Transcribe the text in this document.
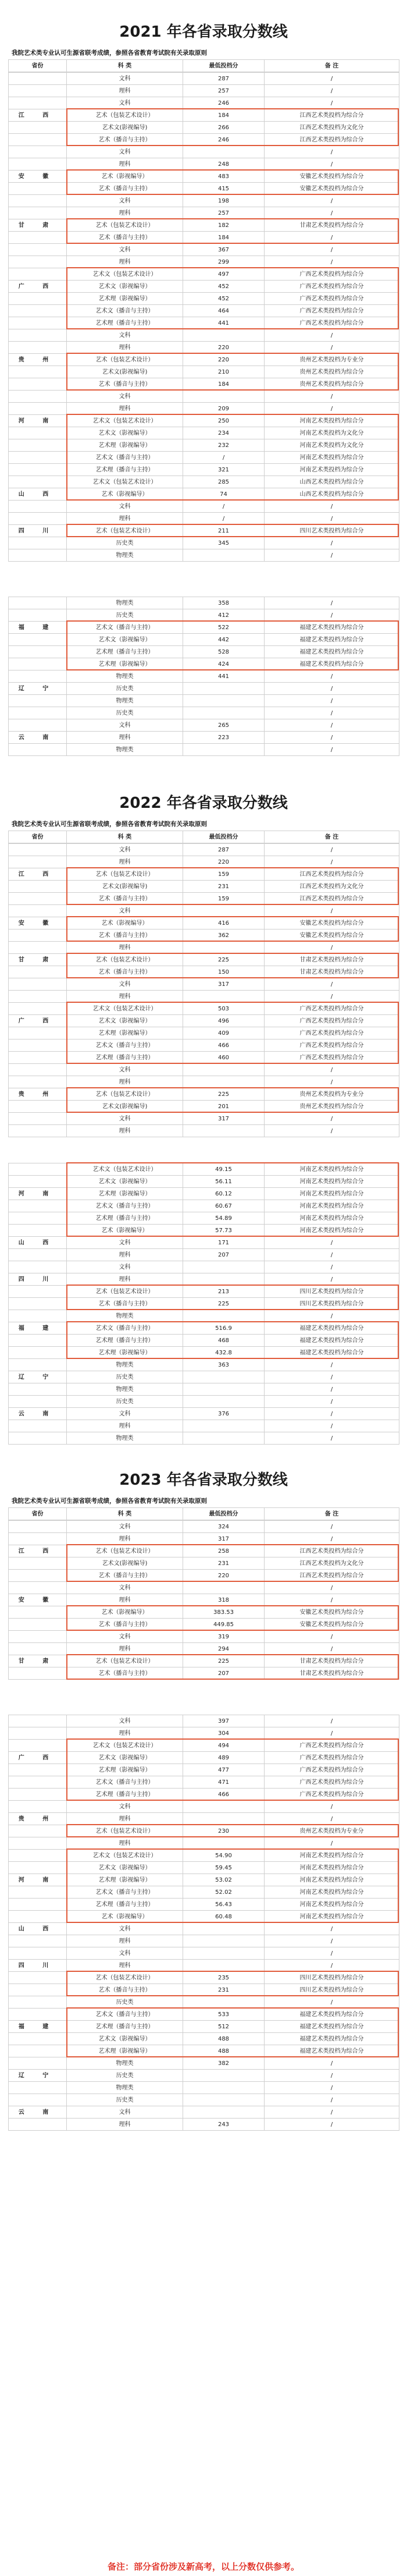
2021 年各省录取分数线
我院艺术类专业认可生源省联考成绩，参照各省教育考试院有关录取原则
省份	科 类	最低投档分	备 注
	文科	287	/
	理科	257	/
	文科	246	/
江 西	艺术（包装艺术设计）	184	江西艺术类投档为综合分
	艺术文(影视编导)	266	江西艺术类投档为文化分
	艺术（播音与主持）	246	江西艺术类投档为综合分
	文科		/
	理科	248	/
安 徽	艺术（影视编导）	483	安徽艺术类投档为综合分
	艺术（播音与主持）	415	安徽艺术类投档为综合分
	文科	198	/
	理科	257	/
甘 肃	艺术（包装艺术设计）	182	甘肃艺术类投档为综合分
	艺术（播音与主持）	184	/
	文科	367	/
	理科	299	/
	艺术文（包装艺术设计）	497	广西艺术类投档为综合分
广 西	艺术文（影视编导）	452	广西艺术类投档为综合分
	艺术理（影视编导）	452	广西艺术类投档为综合分
	艺术文（播音与主持）	464	广西艺术类投档为综合分
	艺术理（播音与主持）	441	广西艺术类投档为综合分
	文科		/
	理科	220	/
贵 州	艺术（包装艺术设计）	220	贵州艺术类投档为专业分
	艺术文(影视编导)	210	贵州艺术类投档为综合分
	艺术（播音与主持）	184	贵州艺术类投档为综合分
	文科		/
	理科	209	/
河 南	艺术文（包装艺术设计）	250	河南艺术类投档为综合分
	艺术文（影视编导）	234	河南艺术类投档为文化分
	艺术理（影视编导）	232	河南艺术类投档为文化分
	艺术文（播音与主持）	/	河南艺术类投档为综合分
	艺术理（播音与主持）	321	河南艺术类投档为综合分
	艺术文（包装艺术设计）	285	山西艺术类投档为综合分
山 西	艺术（影视编导）	74	山西艺术类投档为综合分
	文科	/	/
	理科	/	/
四 川	艺术（包装艺术设计）	211	四川艺术类投档为综合分
	历史类	345	/
	物理类		/
	物理类	358	/
	历史类	412	/
福 建	艺术文（播音与主持）	522	福建艺术类投档为综合分
	艺术文（影视编导）	442	福建艺术类投档为综合分
	艺术理（播音与主持）	528	福建艺术类投档为综合分
	艺术理（影视编导）	424	福建艺术类投档为综合分
	物理类	441	/
辽 宁	历史类		/
	物理类		/
	历史类		/
	文科	265	/
云 南	理科	223	/
	物理类		/
2022 年各省录取分数线
我院艺术类专业认可生源省联考成绩，参照各省教育考试院有关录取原则
省份	科 类	最低投档分	备 注
	文科	287	/
	理科	220	/
江 西	艺术（包装艺术设计）	159	江西艺术类投档为综合分
	艺术文(影视编导)	231	江西艺术类投档为文化分
	艺术（播音与主持）	159	江西艺术类投档为综合分
	文科		/
安 徽	艺术（影视编导）	416	安徽艺术类投档为综合分
	艺术（播音与主持）	362	安徽艺术类投档为综合分
	理科		/
甘 肃	艺术（包装艺术设计）	225	甘肃艺术类投档为综合分
	艺术（播音与主持）	150	甘肃艺术类投档为综合分
	文科	317	/
	理科		/
	艺术文（包装艺术设计）	503	广西艺术类投档为综合分
广 西	艺术文（影视编导）	496	广西艺术类投档为综合分
	艺术理（影视编导）	409	广西艺术类投档为综合分
	艺术文（播音与主持）	466	广西艺术类投档为综合分
	艺术理（播音与主持）	460	广西艺术类投档为综合分
	文科		/
	理科		/
贵 州	艺术（包装艺术设计）	225	贵州艺术类投档为专业分
	艺术文(影视编导)	201	贵州艺术类投档为综合分
	文科	317	/
	理科		/
	艺术文（包装艺术设计）	49.15	河南艺术类投档为综合分
	艺术文（影视编导）	56.11	河南艺术类投档为综合分
河 南	艺术理（影视编导）	60.12	河南艺术类投档为综合分
	艺术文（播音与主持）	60.67	河南艺术类投档为综合分
	艺术理（播音与主持）	54.89	河南艺术类投档为综合分
	艺术（影视编导）	57.73	河南艺术类投档为综合分
山 西	文科	171	/
	理科	207	/
	文科		/
四 川	理科		/
	艺术（包装艺术设计）	213	四川艺术类投档为综合分
	艺术（播音与主持）	225	四川艺术类投档为综合分
	物理类		/
福 建	艺术文（播音与主持）	516.9	福建艺术类投档为综合分
	艺术理（播音与主持）	468	福建艺术类投档为综合分
	艺术理（影视编导）	432.8	福建艺术类投档为综合分
	物理类	363	/
辽 宁	历史类		/
	物理类		/
	历史类		/
云 南	文科	376	/
	理科		/
	物理类		/
2023 年各省录取分数线
我院艺术类专业认可生源省联考成绩，参照各省教育考试院有关录取原则
省份	科 类	最低投档分	备 注
	文科	324	/
	理科	317	/
江 西	艺术（包装艺术设计）	258	江西艺术类投档为综合分
	艺术文(影视编导)	231	江西艺术类投档为文化分
	艺术（播音与主持）	220	江西艺术类投档为综合分
	文科		/
安 徽	理科	318	/
	艺术（影视编导）	383.53	安徽艺术类投档为综合分
	艺术（播音与主持）	449.85	安徽艺术类投档为综合分
	文科	319	/
	理科	294	/
甘 肃	艺术（包装艺术设计）	225	甘肃艺术类投档为综合分
	艺术（播音与主持）	207	甘肃艺术类投档为综合分
	文科	397	/
	理科	304	/
	艺术文（包装艺术设计）	494	广西艺术类投档为综合分
广 西	艺术文（影视编导）	489	广西艺术类投档为综合分
	艺术理（影视编导）	477	广西艺术类投档为综合分
	艺术文（播音与主持）	471	广西艺术类投档为综合分
	艺术理（播音与主持）	466	广西艺术类投档为综合分
	文科		/
贵 州	理科		/
	艺术（包装艺术设计）	230	贵州艺术类投档为专业分
	理科		/
	艺术文（包装艺术设计）	54.90	河南艺术类投档为综合分
	艺术文（影视编导）	59.45	河南艺术类投档为综合分
河 南	艺术理（影视编导）	53.02	河南艺术类投档为综合分
	艺术文（播音与主持）	52.02	河南艺术类投档为综合分
	艺术理（播音与主持）	56.43	河南艺术类投档为综合分
	艺术（影视编导）	60.48	河南艺术类投档为综合分
山 西	文科		/
	理科		/
	文科		/
四 川	理科		/
	艺术（包装艺术设计）	235	四川艺术类投档为综合分
	艺术（播音与主持）	231	四川艺术类投档为综合分
	历史类		/
	艺术文（播音与主持）	533	福建艺术类投档为综合分
福 建	艺术理（播音与主持）	512	福建艺术类投档为综合分
	艺术文（影视编导）	488	福建艺术类投档为综合分
	艺术理（影视编导）	488	福建艺术类投档为综合分
	物理类	382	/
辽 宁	历史类		/
	物理类		/
	历史类		/
云 南	文科		/
	理科	243	/
备注：部分省份涉及新高考，以上分数仅供参考。
